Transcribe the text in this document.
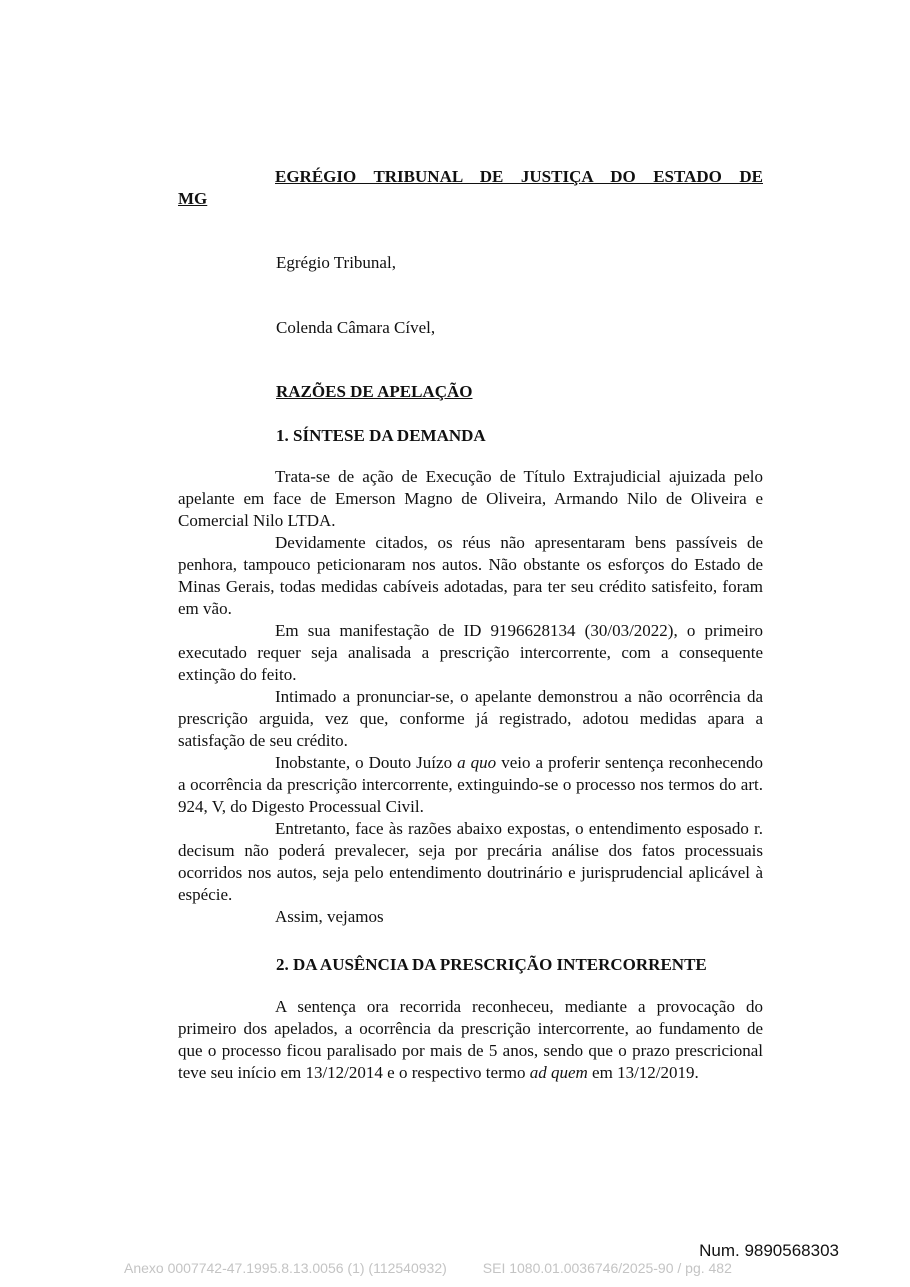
EGRÉGIO TRIBUNAL DE JUSTIÇA DO ESTADO DE

MG

Egrégio Tribunal,

Colenda Câmara Cível,

RAZÕES DE APELAÇÃO

1. SÍNTESE DA DEMANDA

Trata-se de ação de Execução de Título Extrajudicial ajuizada pelo apelante em face de Emerson Magno de Oliveira, Armando Nilo de Oliveira e Comercial Nilo LTDA.

Devidamente citados, os réus não apresentaram bens passíveis de penhora, tampouco peticionaram nos autos. Não obstante os esforços do Estado de Minas Gerais, todas medidas cabíveis adotadas, para ter seu crédito satisfeito, foram em vão.

Em sua manifestação de ID 9196628134 (30/03/2022), o primeiro executado requer seja analisada a prescrição intercorrente, com a consequente extinção do feito.

Intimado a pronunciar-se, o apelante demonstrou a não ocorrência da prescrição arguida, vez que, conforme já registrado, adotou medidas apara a satisfação de seu crédito.

Inobstante, o Douto Juízo a quo veio a proferir sentença reconhecendo a ocorrência da prescrição intercorrente, extinguindo-se o processo nos termos do art. 924, V, do Digesto Processual Civil.

Entretanto, face às razões abaixo expostas, o entendimento esposado r. decisum não poderá prevalecer, seja por precária análise dos fatos processuais ocorridos nos autos, seja pelo entendimento doutrinário e jurisprudencial aplicável à espécie.

Assim, vejamos

2. DA AUSÊNCIA DA PRESCRIÇÃO INTERCORRENTE

A sentença ora recorrida reconheceu, mediante a provocação do primeiro dos apelados, a ocorrência da prescrição intercorrente, ao fundamento de que o processo ficou paralisado por mais de 5 anos, sendo que o prazo prescricional teve seu início em 13/12/2014 e o respectivo termo ad quem em 13/12/2019.

Num. 9890568303

Anexo 0007742-47.1995.8.13.0056 (1) (112540932)	SEI 1080.01.0036746/2025-90 / pg. 482
